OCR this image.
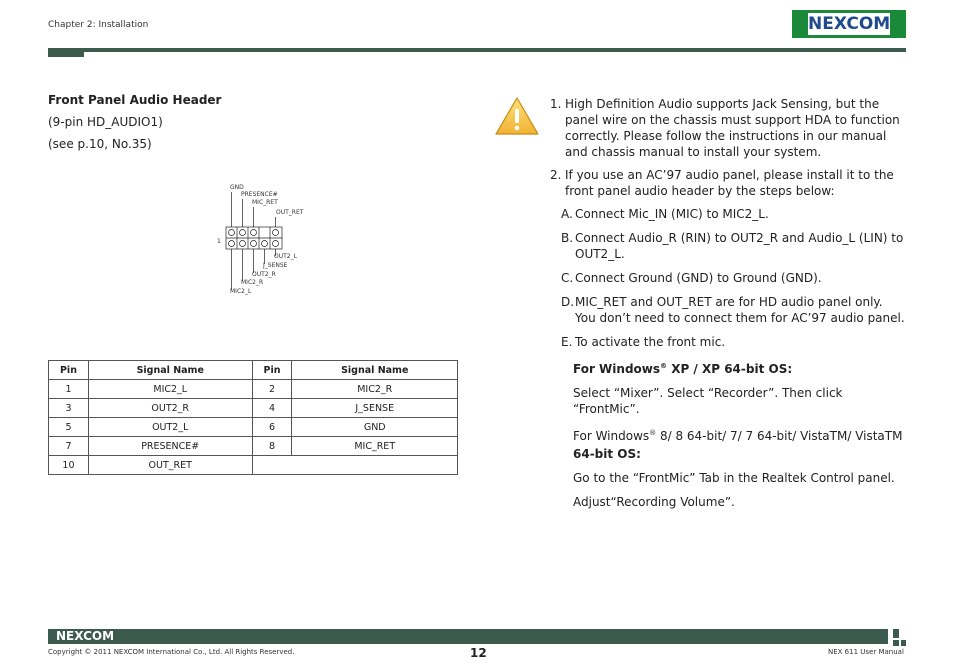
Chapter 2: Installation	NEXCOM
Front Panel Audio Header
(9-pin HD_AUDIO1)
(see p.10, No.35)
GND
PRESENCE#
MIC_RET
OUT_RET
1
OUT2_L
J_SENSE
OUT2_R
MIC2_R
MIC2_L
Pin	Signal Name	Pin	Signal Name
1	MIC2_L	2	MIC2_R
3	OUT2_R	4	J_SENSE
5	OUT2_L	6	GND
7	PRESENCE#	8	MIC_RET
10	OUT_RET		
1. High Definition Audio supports Jack Sensing, but the panel wire on the chassis must support HDA to function correctly. Please follow the instructions in our manual and chassis manual to install your system.
2. If you use an AC’97 audio panel, please install it to the front panel audio header by the steps below:
A. Connect Mic_IN (MIC) to MIC2_L.
B. Connect Audio_R (RIN) to OUT2_R and Audio_L (LIN) to OUT2_L.
C. Connect Ground (GND) to Ground (GND).
D. MIC_RET and OUT_RET are for HD audio panel only. You don’t need to connect them for AC’97 audio panel.
E. To activate the front mic.
For Windows® XP / XP 64-bit OS:
Select “Mixer”. Select “Recorder”. Then click “FrontMic”.
For Windows® 8/ 8 64-bit/ 7/ 7 64-bit/ VistaTM/ VistaTM
64-bit OS:
Go to the “FrontMic” Tab in the Realtek Control panel.
Adjust“Recording Volume”.
NEXCOM
Copyright © 2011 NEXCOM International Co., Ltd. All Rights Reserved.	12	NEX 611 User Manual
